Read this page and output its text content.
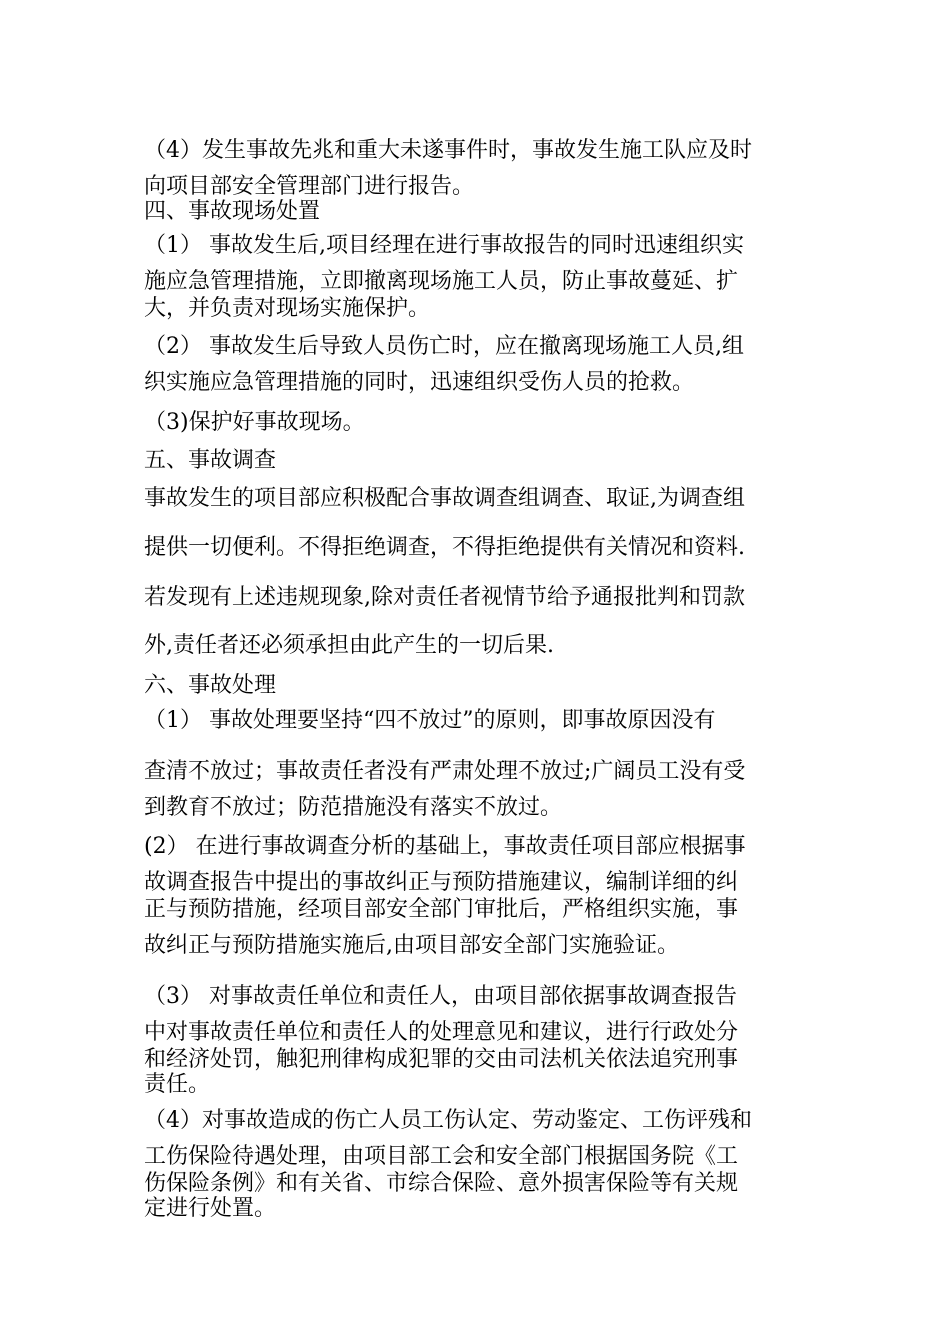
（4）发生事故先兆和重大未遂事件时，事故发生施工队应及时
向项目部安全管理部门进行报告。
四、事故现场处置
（1） 事故发生后,项目经理在进行事故报告的同时迅速组织实
施应急管理措施，立即撤离现场施工人员，防止事故蔓延、扩
大，并负责对现场实施保护。
（2） 事故发生后导致人员伤亡时，应在撤离现场施工人员,组
织实施应急管理措施的同时，迅速组织受伤人员的抢救。
（3)保护好事故现场。
五、事故调查
事故发生的项目部应积极配合事故调查组调查、取证,为调查组
提供一切便利。不得拒绝调查，不得拒绝提供有关情况和资料.
若发现有上述违规现象,除对责任者视情节给予通报批判和罚款
外,责任者还必须承担由此产生的一切后果.
六、事故处理
（1） 事故处理要坚持“四不放过”的原则，即事故原因没有
查清不放过；事故责任者没有严肃处理不放过;广阔员工没有受
到教育不放过；防范措施没有落实不放过。
(2） 在进行事故调查分析的基础上，事故责任项目部应根据事
故调查报告中提出的事故纠正与预防措施建议，编制详细的纠
正与预防措施，经项目部安全部门审批后，严格组织实施，事
故纠正与预防措施实施后,由项目部安全部门实施验证。
（3） 对事故责任单位和责任人，由项目部依据事故调查报告
中对事故责任单位和责任人的处理意见和建议，进行行政处分
和经济处罚，触犯刑律构成犯罪的交由司法机关依法追究刑事
责任。
（4）对事故造成的伤亡人员工伤认定、劳动鉴定、工伤评残和
工伤保险待遇处理，由项目部工会和安全部门根据国务院《工
伤保险条例》和有关省、市综合保险、意外损害保险等有关规
定进行处置。
